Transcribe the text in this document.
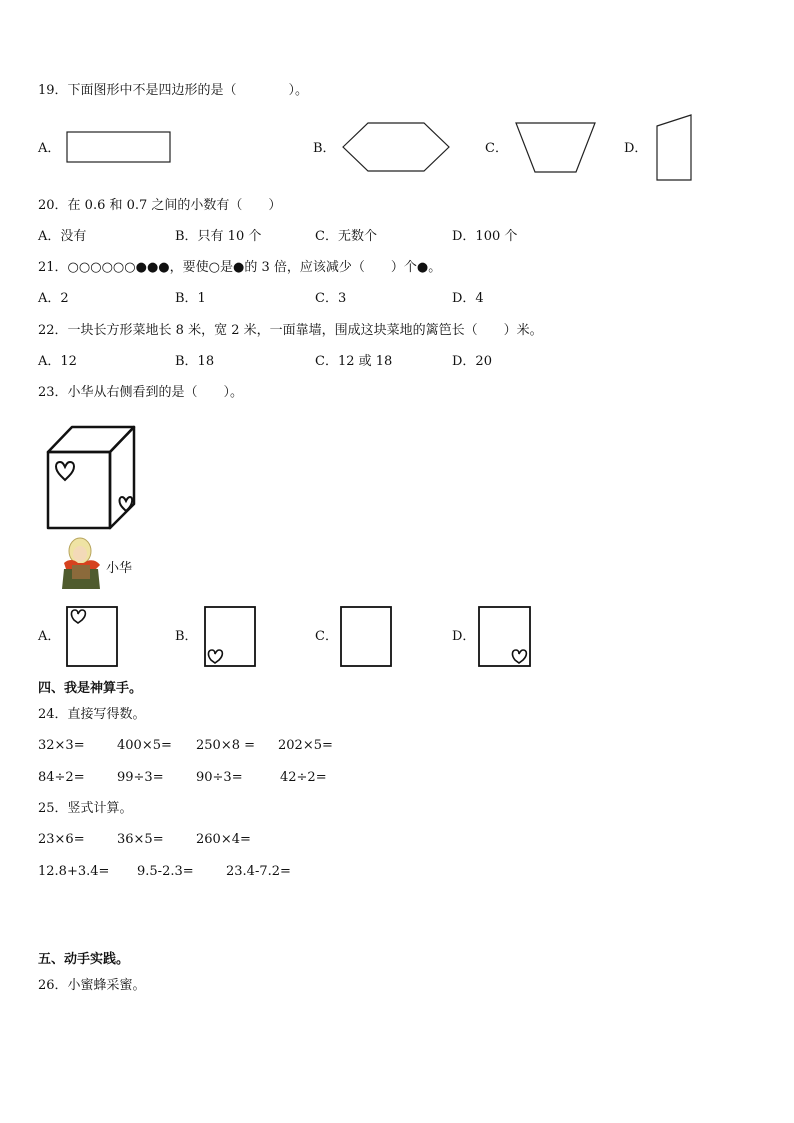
19．下面图形中不是四边形的是（　　　　）。
A．	B．	C．	D．
20．在 0.6 和 0.7 之间的小数有（　　）
A．没有	B．只有 10 个	C．无数个	D．100 个
21．○○○○○○●●●，要使○是●的 3 倍，应该减少（　　）个●。
A．2	B．1	C．3	D．4
22．一块长方形菜地长 8 米，宽 2 米，一面靠墙，围成这块菜地的篱笆长（　　）米。
A．12	B．18	C．12 或 18	D．20
23．小华从右侧看到的是（　　）。
小华
A．	B．	C．	D．
四、我是神算手。
24．直接写得数。
32×3= 400×5= 250×8 = 202×5=
84÷2= 99÷3= 90÷3=	42÷2=
25．竖式计算。
23×6= 36×5= 260×4=
12.8+3.4= 9.5-2.3= 23.4-7.2=
五、动手实践。
26．小蜜蜂采蜜。
